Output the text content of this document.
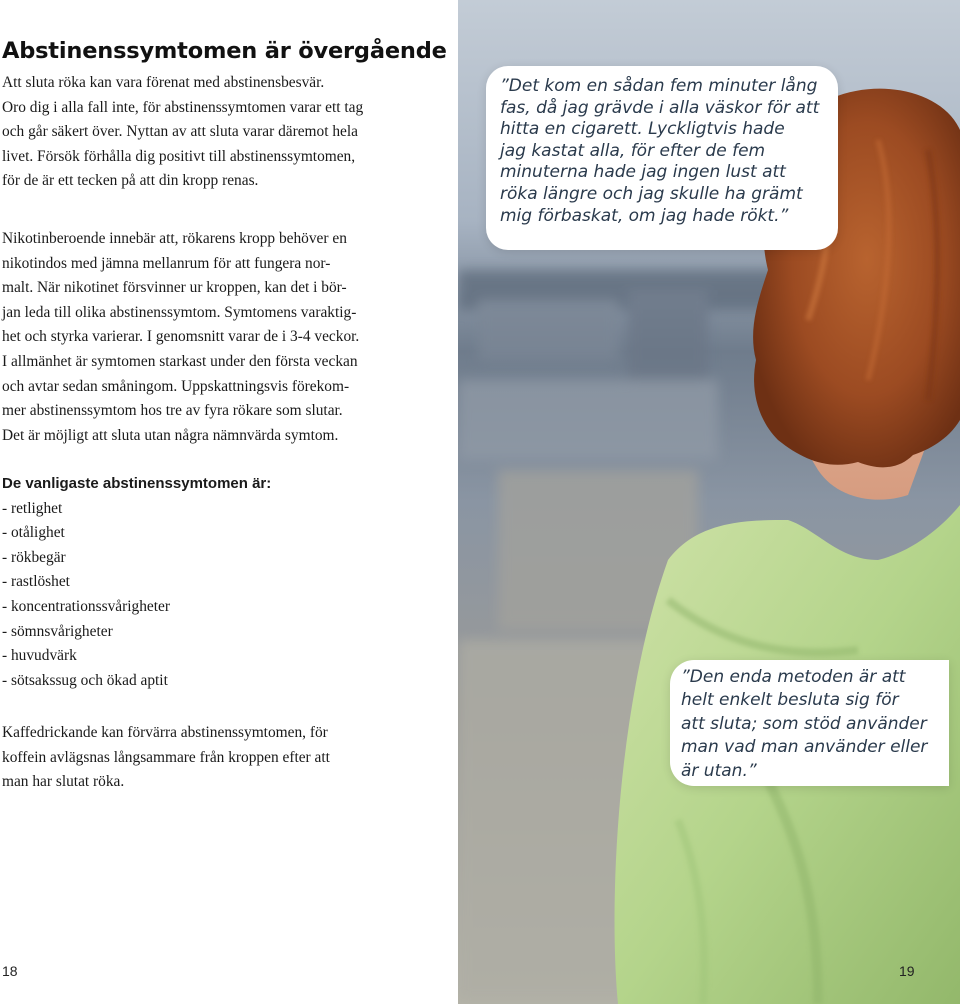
Abstinenssymtomen är övergående

Att sluta röka kan vara förenat med abstinensbesvär.
Oro dig i alla fall inte, för abstinenssymtomen varar ett tag
och går säkert över. Nyttan av att sluta varar däremot hela
livet. Försök förhålla dig positivt till abstinenssymtomen,
för de är ett tecken på att din kropp renas.

Nikotinberoende innebär att, rökarens kropp behöver en
nikotindos med jämna mellanrum för att fungera nor-
malt. När nikotinet försvinner ur kroppen, kan det i bör-
jan leda till olika abstinenssymtom. Symtomens varaktig-
het och styrka varierar. I genomsnitt varar de i 3-4 veckor.
I allmänhet är symtomen starkast under den första veckan
och avtar sedan småningom. Uppskattningsvis förekom-
mer abstinenssymtom hos tre av fyra rökare som slutar.
Det är möjligt att sluta utan några nämnvärda symtom.

De vanligaste abstinenssymtomen är:
- retlighet
- otålighet
- rökbegär
- rastlöshet
- koncentrationssvårigheter
- sömnsvårigheter
- huvudvärk
- sötsakssug och ökad aptit

Kaffedrickande kan förvärra abstinenssymtomen, för
koffein avlägsnas långsammare från kroppen efter att
man har slutat röka.

18
”Det kom en sådan fem minuter lång
fas, då jag grävde i alla väskor för att
hitta en cigarett. Lyckligtvis hade
jag kastat alla, för efter de fem
minuterna hade jag ingen lust att
röka längre och jag skulle ha grämt
mig förbaskat, om jag hade rökt.”
”Den enda metoden är att
helt enkelt besluta sig för
att sluta; som stöd använder
man vad man använder eller
är utan.”
19
